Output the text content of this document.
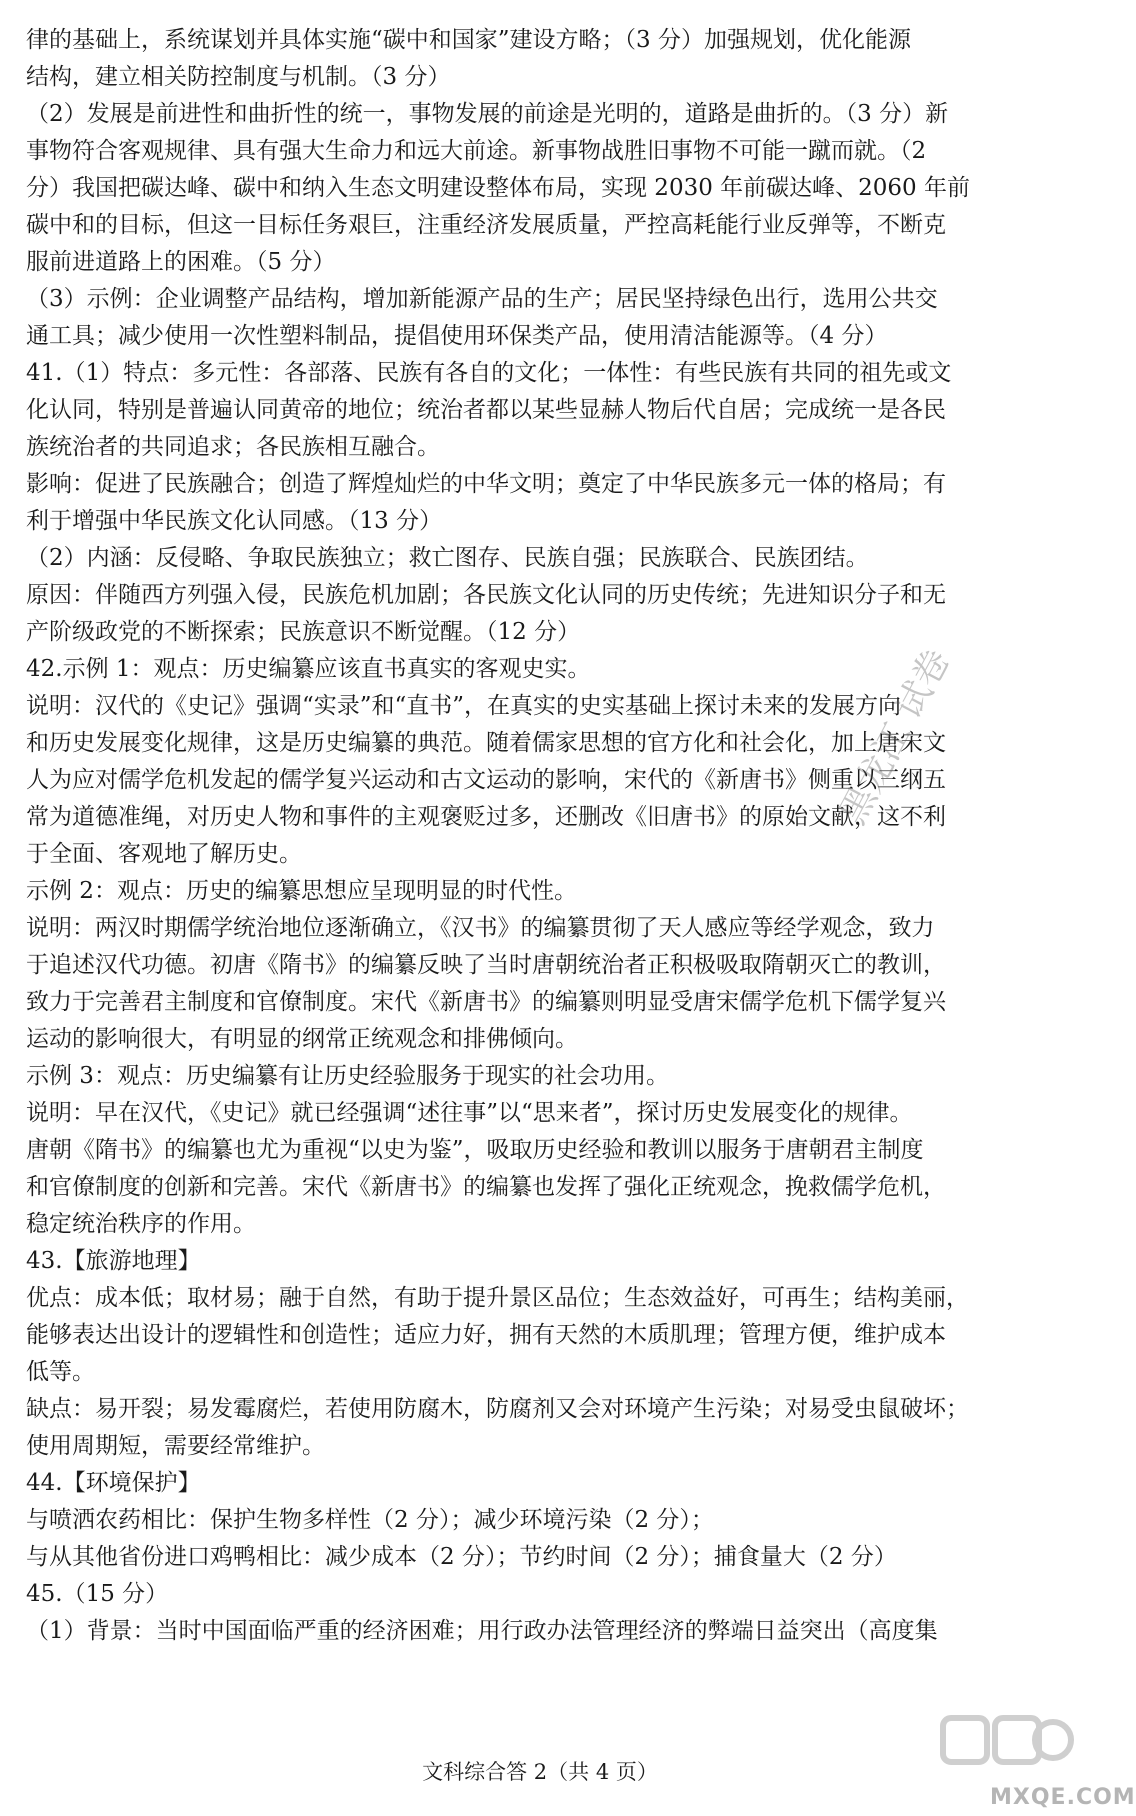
律的基础上，系统谋划并具体实施“碳中和国家”建设方略；（3 分）加强规划，优化能源
结构，建立相关防控制度与机制。（3 分）
（2）发展是前进性和曲折性的统一，事物发展的前途是光明的，道路是曲折的。（3 分）新
事物符合客观规律、具有强大生命力和远大前途。新事物战胜旧事物不可能一蹴而就。（2
分）我国把碳达峰、碳中和纳入生态文明建设整体布局，实现 2030 年前碳达峰、2060 年前
碳中和的目标，但这一目标任务艰巨，注重经济发展质量，严控高耗能行业反弹等，不断克
服前进道路上的困难。（5 分）
（3）示例：企业调整产品结构，增加新能源产品的生产；居民坚持绿色出行，选用公共交
通工具；减少使用一次性塑料制品，提倡使用环保类产品，使用清洁能源等。（4 分）
41.（1）特点：多元性：各部落、民族有各自的文化；一体性：有些民族有共同的祖先或文
化认同，特别是普遍认同黄帝的地位；统治者都以某些显赫人物后代自居；完成统一是各民
族统治者的共同追求；各民族相互融合。
影响：促进了民族融合；创造了辉煌灿烂的中华文明；奠定了中华民族多元一体的格局；有
利于增强中华民族文化认同感。（13 分）
（2）内涵：反侵略、争取民族独立；救亡图存、民族自强；民族联合、民族团结。
原因：伴随西方列强入侵，民族危机加剧；各民族文化认同的历史传统；先进知识分子和无
产阶级政党的不断探索；民族意识不断觉醒。（12 分）
42.示例 1：观点：历史编纂应该直书真实的客观史实。
说明：汉代的《史记》强调“实录”和“直书”，在真实的史实基础上探讨未来的发展方向
和历史发展变化规律，这是历史编纂的典范。随着儒家思想的官方化和社会化，加上唐宋文
人为应对儒学危机发起的儒学复兴运动和古文运动的影响，宋代的《新唐书》侧重以三纲五
常为道德准绳，对历史人物和事件的主观褒贬过多，还删改《旧唐书》的原始文献，这不利
于全面、客观地了解历史。
示例 2：观点：历史的编纂思想应呈现明显的时代性。
说明：两汉时期儒学统治地位逐渐确立，《汉书》的编纂贯彻了天人感应等经学观念，致力
于追述汉代功德。初唐《隋书》的编纂反映了当时唐朝统治者正积极吸取隋朝灭亡的教训，
致力于完善君主制度和官僚制度。宋代《新唐书》的编纂则明显受唐宋儒学危机下儒学复兴
运动的影响很大，有明显的纲常正统观念和排佛倾向。
示例 3：观点：历史编纂有让历史经验服务于现实的社会功用。
说明：早在汉代，《史记》就已经强调“述往事”以“思来者”，探讨历史发展变化的规律。
唐朝《隋书》的编纂也尤为重视“以史为鉴”，吸取历史经验和教训以服务于唐朝君主制度
和官僚制度的创新和完善。宋代《新唐书》的编纂也发挥了强化正统观念，挽救儒学危机，
稳定统治秩序的作用。
43.【旅游地理】
优点：成本低；取材易；融于自然，有助于提升景区品位；生态效益好，可再生；结构美丽，
能够表达出设计的逻辑性和创造性；适应力好，拥有天然的木质肌理；管理方便，维护成本
低等。
缺点：易开裂；易发霉腐烂，若使用防腐木，防腐剂又会对环境产生污染；对易受虫鼠破坏；
使用周期短，需要经常维护。
44.【环境保护】
与喷洒农药相比：保护生物多样性（2 分）；减少环境污染（2 分）；
与从其他省份进口鸡鸭相比：减少成本（2 分）；节约时间（2 分）；捕食量大（2 分）
45.（15 分）
（1）背景：当时中国面临严重的经济困难；用行政办法管理经济的弊端日益突出（高度集
黑龙江 试卷
文科综合答 2（共 4 页）
MXQE.COM
